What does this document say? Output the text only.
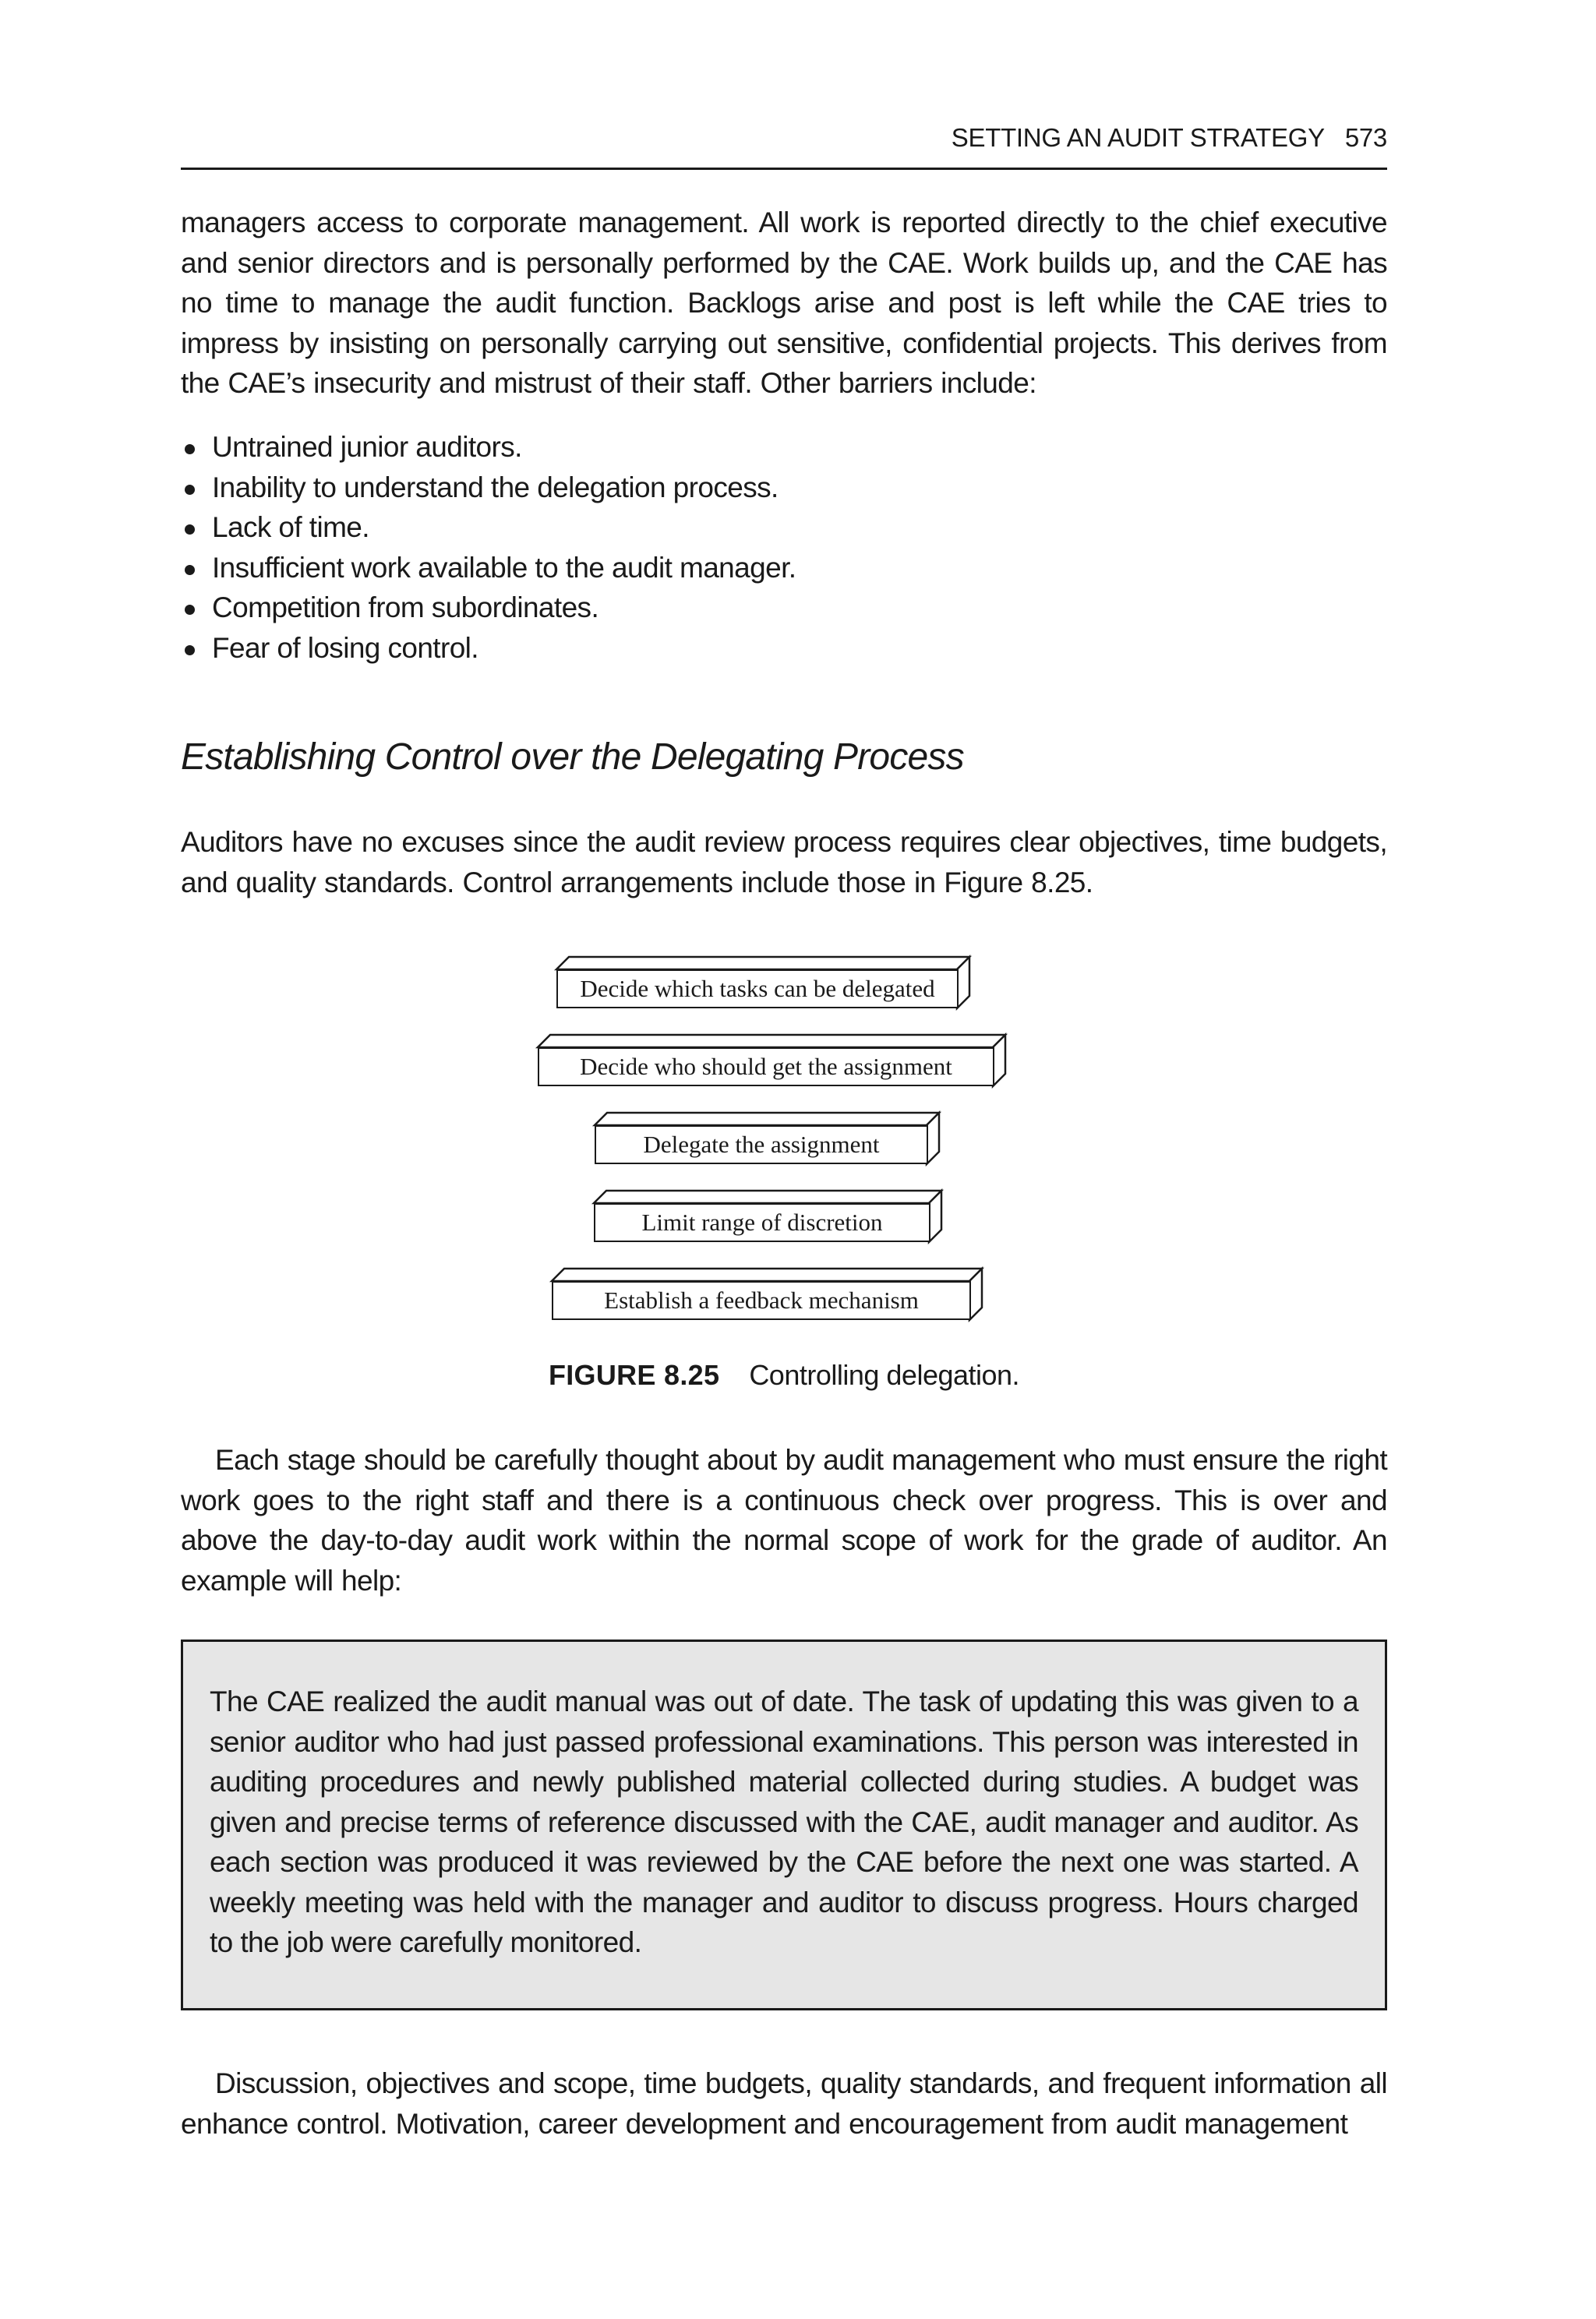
SETTING AN AUDIT STRATEGY 573

managers access to corporate management. All work is reported directly to the chief executive and senior directors and is personally performed by the CAE. Work builds up, and the CAE has no time to manage the audit function. Backlogs arise and post is left while the CAE tries to impress by insisting on personally carrying out sensitive, confidential projects. This derives from the CAE’s insecurity and mistrust of their staff. Other barriers include:

Untrained junior auditors.
Inability to understand the delegation process.
Lack of time.
Insufficient work available to the audit manager.
Competition from subordinates.
Fear of losing control.
Establishing Control over the Delegating Process

Auditors have no excuses since the audit review process requires clear objectives, time budgets, and quality standards. Control arrangements include those in Figure 8.25.

Decide which tasks can be delegated
Decide who should get the assignment
Delegate the assignment
Limit range of discretion
Establish a feedback mechanism
FIGURE 8.25 Controlling delegation.

Each stage should be carefully thought about by audit management who must ensure the right work goes to the right staff and there is a continuous check over progress. This is over and above the day-to-day audit work within the normal scope of work for the grade of auditor. An example will help:

The CAE realized the audit manual was out of date. The task of updating this was given to a senior auditor who had just passed professional examinations. This person was interested in auditing procedures and newly published material collected during studies. A budget was given and precise terms of reference discussed with the CAE, audit manager and auditor. As each section was produced it was reviewed by the CAE before the next one was started. A weekly meeting was held with the manager and auditor to discuss progress. Hours charged to the job were carefully monitored.

Discussion, objectives and scope, time budgets, quality standards, and frequent information all enhance control. Motivation, career development and encouragement from audit management
